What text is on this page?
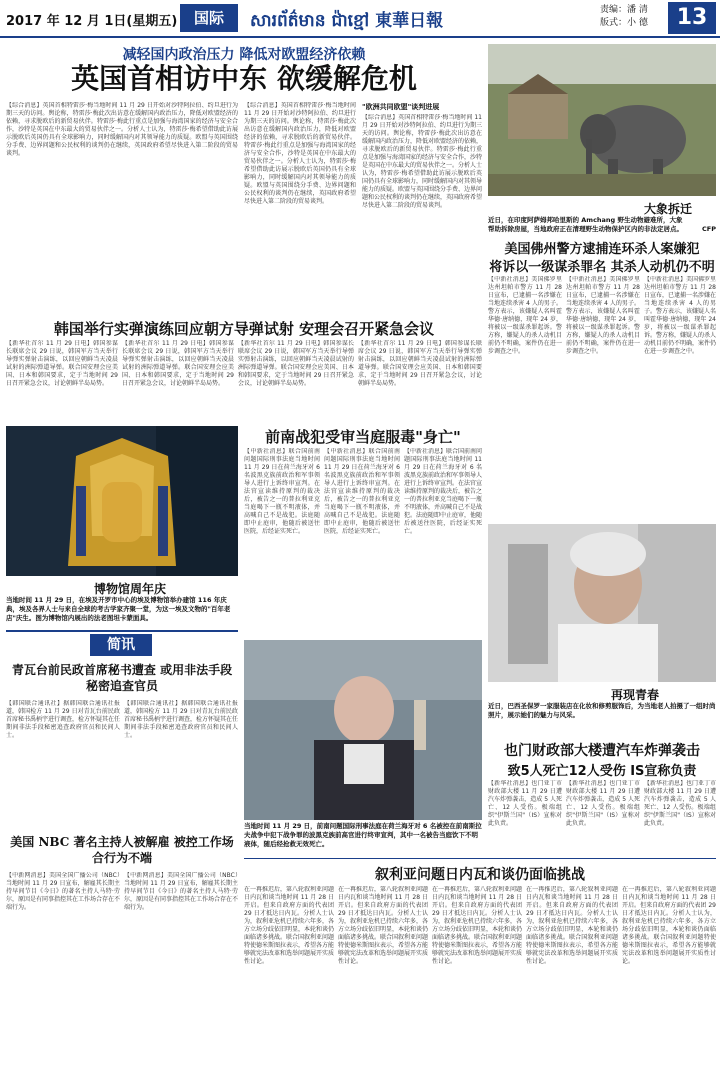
2017 年 12 月 1日(星期五)	国际	សារព័ត៌មាន ជ៉ាខ្មៅ 東華日報
责编：潘 清
版式：小 德	13
减轻国内政治压力 降低对欧盟经济依赖
英国首相访中东 欲缓解危机
【综合消息】英国首相特雷莎·梅当地时间 11 月 29 日开始对沙特阿拉伯、约旦进行为期三天的访问。舆论称，特雷莎·梅此次出访意在缓解国内政治压力，降低对欧盟经济的依赖，寻求脱欧后的新贸易伙伴。特雷莎·梅此行重点是加强与海湾国家的经济与安全合作，沙特是英国在中东最大的贸易伙伴之一。分析人士认为，特雷莎·梅希望借助此访展示脱欧后英国仍具有全球影响力，同时缓解国内对其领导能力的质疑。欧盟与英国围绕分手费、边界问题和公民权利的谈判仍在继续，英国政府希望尽快进入第二阶段的贸易谈判。
【综合消息】英国首相特雷莎·梅当地时间 11 月 29 日开始对沙特阿拉伯、约旦进行为期三天的访问。舆论称，特雷莎·梅此次出访意在缓解国内政治压力，降低对欧盟经济的依赖，寻求脱欧后的新贸易伙伴。特雷莎·梅此行重点是加强与海湾国家的经济与安全合作，沙特是英国在中东最大的贸易伙伴之一。分析人士认为，特雷莎·梅希望借助此访展示脱欧后英国仍具有全球影响力，同时缓解国内对其领导能力的质疑。欧盟与英国围绕分手费、边界问题和公民权利的谈判仍在继续，英国政府希望尽快进入第二阶段的贸易谈判。
"欧洲共同欧盟"谈判进展
【综合消息】英国首相特雷莎·梅当地时间 11 月 29 日开始对沙特阿拉伯、约旦进行为期三天的访问。舆论称，特雷莎·梅此次出访意在缓解国内政治压力，降低对欧盟经济的依赖，寻求脱欧后的新贸易伙伴。特雷莎·梅此行重点是加强与海湾国家的经济与安全合作，沙特是英国在中东最大的贸易伙伴之一。分析人士认为，特雷莎·梅希望借助此访展示脱欧后英国仍具有全球影响力，同时缓解国内对其领导能力的质疑。欧盟与英国围绕分手费、边界问题和公民权利的谈判仍在继续，英国政府希望尽快进入第二阶段的贸易谈判。	大象拆迁
近日，在印度阿萨姆邦哈里斯的 Amchang 野生动物避难所，大象帮助拆除房屋，当地政府正在清理野生动物保护区内的非法定居点。	CFP
美国佛州警方逮捕连环杀人案嫌犯
将诉以一级谋杀罪名 其杀人动机仍不明
【中新社消息】美国佛罗里达州坦帕市警方 11 月 28 日宣布，已逮捕一名涉嫌在当地连续杀害 4 人的男子。警方表示，该嫌疑人名叫霍华德·唐纳德，现年 24 岁，将被以一级谋杀罪起诉。警方称，嫌疑人的杀人动机目前仍不明确，案件仍在进一步调查之中。
【中新社消息】美国佛罗里达州坦帕市警方 11 月 28 日宣布，已逮捕一名涉嫌在当地连续杀害 4 人的男子。警方表示，该嫌疑人名叫霍华德·唐纳德，现年 24 岁，将被以一级谋杀罪起诉。警方称，嫌疑人的杀人动机目前仍不明确，案件仍在进一步调查之中。
【中新社消息】美国佛罗里达州坦帕市警方 11 月 28 日宣布，已逮捕一名涉嫌在当地连续杀害 4 人的男子。警方表示，该嫌疑人名叫霍华德·唐纳德，现年 24 岁，将被以一级谋杀罪起诉。警方称，嫌疑人的杀人动机目前仍不明确，案件仍在进一步调查之中。
韩国举行实弹演练回应朝方导弹试射 安理会召开紧急会议
【新华社首尔 11 月 29 日电】韩国参谋长联席会议 29 日说，韩国军方当天举行导弹实弹射击演练，以回应朝鲜当天凌晨试射的洲际弹道导弹。联合国安理会应美国、日本和韩国要求，定于当地时间 29 日召开紧急会议，讨论朝鲜半岛局势。
【新华社首尔 11 月 29 日电】韩国参谋长联席会议 29 日说，韩国军方当天举行导弹实弹射击演练，以回应朝鲜当天凌晨试射的洲际弹道导弹。联合国安理会应美国、日本和韩国要求，定于当地时间 29 日召开紧急会议，讨论朝鲜半岛局势。
【新华社首尔 11 月 29 日电】韩国参谋长联席会议 29 日说，韩国军方当天举行导弹实弹射击演练，以回应朝鲜当天凌晨试射的洲际弹道导弹。联合国安理会应美国、日本和韩国要求，定于当地时间 29 日召开紧急会议，讨论朝鲜半岛局势。
【新华社首尔 11 月 29 日电】韩国参谋长联席会议 29 日说，韩国军方当天举行导弹实弹射击演练，以回应朝鲜当天凌晨试射的洲际弹道导弹。联合国安理会应美国、日本和韩国要求，定于当地时间 29 日召开紧急会议，讨论朝鲜半岛局势。
博物馆周年庆
当地时间 11 月 29 日，在埃及开罗市中心的埃及博物馆举办建馆 116 年庆典，埃及各界人士与来自全球的考古学家齐聚一堂，为这一埃及文物的"百年老店"庆生。图为博物馆内展出的法老图坦卡蒙面具。
简讯
青瓦台前民政首席秘书遭查 或用非法手段秘密追查官员
【韩国联合通讯社】据韩国联合通讯社报道，韩国检方 11 月 29 日对青瓦台前民政首席秘书禹柄宇进行调查，检方怀疑其在任期间非法手段秘密追查政府官员和民间人士。
【韩国联合通讯社】据韩国联合通讯社报道，韩国检方 11 月 29 日对青瓦台前民政首席秘书禹柄宇进行调查，检方怀疑其在任期间非法手段秘密追查政府官员和民间人士。
美国 NBC 著名主持人被解雇 被控工作场合行为不端
【中新网消息】美国全国广播公司（NBC）当地时间 11 月 29 日宣布，解雇其长期主持早间节目《今日》的著名主持人马特·劳尔，原因是有同事指控其在工作场合存在不端行为。
【中新网消息】美国全国广播公司（NBC）当地时间 11 月 29 日宣布，解雇其长期主持早间节目《今日》的著名主持人马特·劳尔，原因是有同事指控其在工作场合存在不端行为。
前南战犯受审当庭服毒"身亡"
【中新社消息】联合国前南问题国际刑事法庭当地时间 11 月 29 日在荷兰海牙对 6 名波黑克族前政治和军事领导人进行上诉终审宣判。在法官宣读维持原判的裁决后，被告之一的普拉利亚克当庭喝下一瓶不明液体，并高喊自己不是战犯。法庭随即中止庭审，他随后被送往医院，后经证实死亡。
【中新社消息】联合国前南问题国际刑事法庭当地时间 11 月 29 日在荷兰海牙对 6 名波黑克族前政治和军事领导人进行上诉终审宣判。在法官宣读维持原判的裁决后，被告之一的普拉利亚克当庭喝下一瓶不明液体，并高喊自己不是战犯。法庭随即中止庭审，他随后被送往医院，后经证实死亡。
【中新社消息】联合国前南问题国际刑事法庭当地时间 11 月 29 日在荷兰海牙对 6 名波黑克族前政治和军事领导人进行上诉终审宣判。在法官宣读维持原判的裁决后，被告之一的普拉利亚克当庭喝下一瓶不明液体，并高喊自己不是战犯。法庭随即中止庭审，他随后被送往医院，后经证实死亡。
当地时间 11 月 29 日，前南问题国际刑事法庭在荷兰海牙对 6 名被控在前南斯拉夫战争中犯下战争罪的波黑克族前高官进行终审宣判，其中一名被告当庭饮下不明液体，随后经抢救无效死亡。
再现青春
近日，巴西圣保罗一家服装店在化妆和修剪服饰后，为当地老人拍摄了一组时尚照片，展示她们的魅力与风采。
也门财政部大楼遭汽车炸弹袭击
致5人死亡12人受伤 IS宣称负责
【新华社消息】也门亚丁市财政部大楼 11 月 29 日遭汽车炸弹袭击，造成 5 人死亡、12 人受伤。极端组织"伊斯兰国"（IS）宣称对此负责。
【新华社消息】也门亚丁市财政部大楼 11 月 29 日遭汽车炸弹袭击，造成 5 人死亡、12 人受伤。极端组织"伊斯兰国"（IS）宣称对此负责。
【新华社消息】也门亚丁市财政部大楼 11 月 29 日遭汽车炸弹袭击，造成 5 人死亡、12 人受伤。极端组织"伊斯兰国"（IS）宣称对此负责。
叙利亚问题日内瓦和谈仍面临挑战
在一再推迟后，第八轮叙利亚问题日内瓦和谈当地时间 11 月 28 日开启。但来自政府方面的代表团 29 日才抵达日内瓦。分析人士认为，叙利亚危机已持续六年多，各方立场分歧依旧明显，本轮和谈仍面临诸多挑战。联合国叙利亚问题特使德米斯图拉表示，希望各方能够就宪法改革和选举问题展开实质性讨论。
在一再推迟后，第八轮叙利亚问题日内瓦和谈当地时间 11 月 28 日开启。但来自政府方面的代表团 29 日才抵达日内瓦。分析人士认为，叙利亚危机已持续六年多，各方立场分歧依旧明显，本轮和谈仍面临诸多挑战。联合国叙利亚问题特使德米斯图拉表示，希望各方能够就宪法改革和选举问题展开实质性讨论。
在一再推迟后，第八轮叙利亚问题日内瓦和谈当地时间 11 月 28 日开启。但来自政府方面的代表团 29 日才抵达日内瓦。分析人士认为，叙利亚危机已持续六年多，各方立场分歧依旧明显，本轮和谈仍面临诸多挑战。联合国叙利亚问题特使德米斯图拉表示，希望各方能够就宪法改革和选举问题展开实质性讨论。
在一再推迟后，第八轮叙利亚问题日内瓦和谈当地时间 11 月 28 日开启。但来自政府方面的代表团 29 日才抵达日内瓦。分析人士认为，叙利亚危机已持续六年多，各方立场分歧依旧明显，本轮和谈仍面临诸多挑战。联合国叙利亚问题特使德米斯图拉表示，希望各方能够就宪法改革和选举问题展开实质性讨论。
在一再推迟后，第八轮叙利亚问题日内瓦和谈当地时间 11 月 28 日开启。但来自政府方面的代表团 29 日才抵达日内瓦。分析人士认为，叙利亚危机已持续六年多，各方立场分歧依旧明显，本轮和谈仍面临诸多挑战。联合国叙利亚问题特使德米斯图拉表示，希望各方能够就宪法改革和选举问题展开实质性讨论。
